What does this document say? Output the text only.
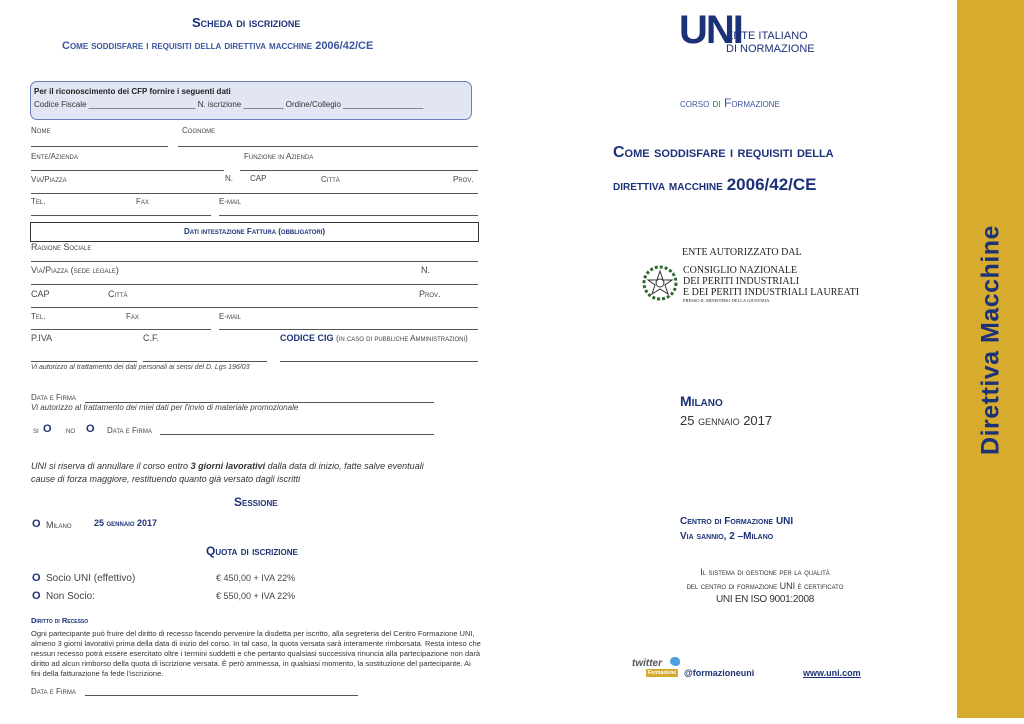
Scheda di iscrizione
Come soddisfare i requisiti della direttiva macchine 2006/42/CE
Per il riconoscimento dei CFP fornire i seguenti dati
Codice Fiscale ________________________ N. iscrizione _________ Ordine/Collegio __________________
Nome	Cognome
Ente/Azienda	Funzione in Azienda
Via/Piazza	N. CAP	Città	Prov.
Tel.	Fax	E-mail
Dati intestazione Fattura (obbligatori)
Ragione Sociale
Via/Piazza (sede legale)	N.
CAP	Città	Prov.
Tel.	Fax	E-mail
P.IVA	C.F.	CODICE CIG (in caso di pubbliche Amministrazioni)
Vi autorizzo al trattamento dei dati personali ai sensi del D. Lgs 196/03
Data e Firma
Vi autorizzo al trattamento dei miei dati per l'invio di materiale promozionale
si O no O Data e Firma
UNI si riserva di annullare il corso entro 3 giorni lavorativi dalla data di inizio, fatte salve eventuali
cause di forza maggiore, restituendo quanto già versato dagli iscritti
Sessione
O Milano 25 gennaio 2017
Quota di iscrizione
O Socio UNI (effettivo)	€ 450,00 + IVA 22%
O Non Socio:	€ 550,00 + IVA 22%
Diritto di Recesso
Ogni partecipante può fruire del diritto di recesso facendo pervenire la disdetta per iscritto, alla segreteria del Centro Formazione UNI, almeno 3 giorni lavorativi prima della data di inizio del corso. In tal caso, la quota versata sarà interamente rimborsata. Resta inteso che nessun recesso potrà essere esercitato oltre i termini suddetti e che pertanto qualsiasi successiva rinuncia alla partecipazione non darà diritto ad alcun rimborso della quota di iscrizione versata. È però ammessa, in qualsiasi momento, la sostituzione del partecipante. Ai fini della fatturazione fa fede l'iscrizione.
Data e Firma
UNI
ENTE ITALIANO
DI NORMAZIONE
corso di Formazione
Come soddisfare i requisiti della
direttiva macchine 2006/42/CE
ENTE AUTORIZZATO DAL
CONSIGLIO NAZIONALE
DEI PERITI INDUSTRIALI
E DEI PERITI INDUSTRIALI LAUREATI
PRESSO IL MINISTERO DELLA GIUSTIZIA
Milano
25 gennaio 2017
Centro di Formazione UNI
Via sannio, 2 –Milano
Il sistema di gestione per la qualità
del centro di formazione UNI è certificato
UNI EN ISO 9001:2008
twitter
Formazione @formazioneuni	www.uni.com
Direttiva Macchine
